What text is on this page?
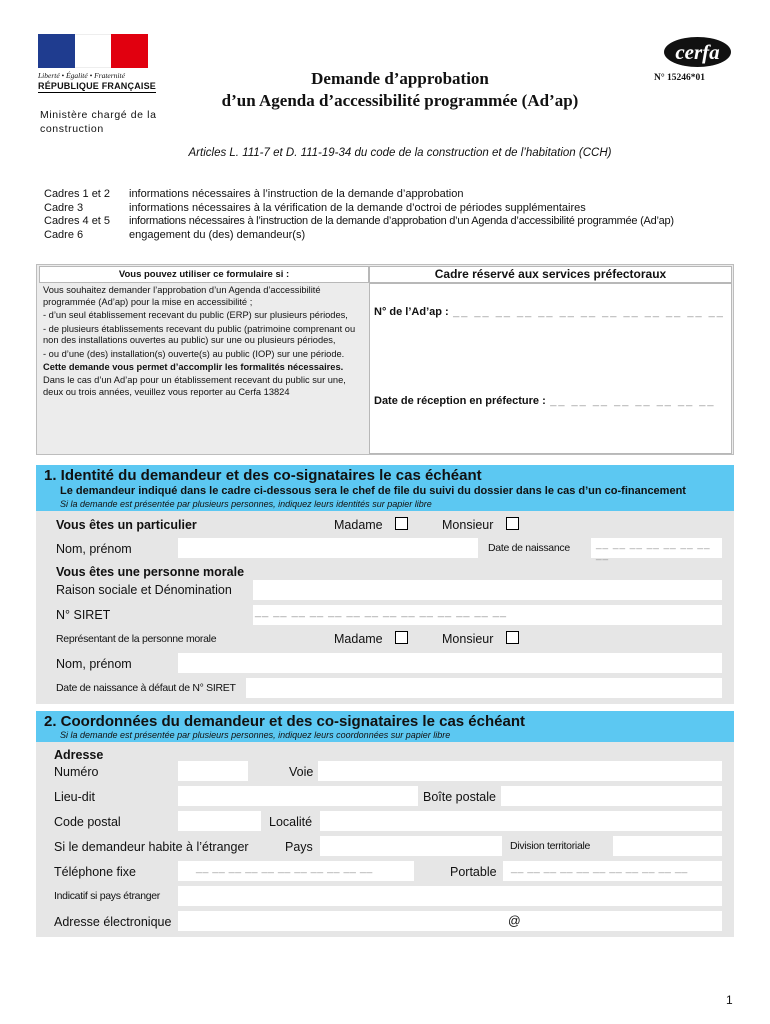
Liberté • Égalité • Fraternité
RÉPUBLIQUE FRANÇAISE
Ministère chargé de la construction
Demande d’approbation
d’un Agenda d’accessibilité programmée (Ad’ap)
cerfa
N° 15246*01
Articles L. 111-7 et D. 111-19-34 du code de la construction et de l’habitation (CCH)
Cadres 1 et 2	informations nécessaires à l’instruction de la demande d’approbation
Cadre 3	informations nécessaires à la vérification de la demande d’octroi de périodes supplémentaires
Cadres 4 et 5	informations nécessaires à l’instruction de la demande d’approbation d’un Agenda d’accessibilité programmée (Ad’ap)
Cadre 6	engagement du (des) demandeur(s)
Vous pouvez utiliser ce formulaire si :	Cadre réservé aux services préfectoraux

Vous souhaitez demander l’approbation d’un Agenda d’accessibilité programmée (Ad’ap) pour la mise en accessibilité ;

- d’un seul établissement recevant du public (ERP) sur plusieurs périodes,

- de plusieurs établissements recevant du public (patrimoine comprenant ou non des installations ouvertes au public) sur une ou plusieurs périodes,

- ou d’une (des) installation(s) ouverte(s) au public (IOP) sur une période.

Cette demande vous permet d’accomplir les formalités nécessaires.

Dans le cas d’un Ad’ap pour un établissement recevant du public sur une, deux ou trois années, veuillez vous reporter au Cerfa 13824

N° de l’Ad’ap : __ __ __ __ __ __ __ __ __ __ __ __ __
Date de réception en préfecture : __ __ __ __ __ __ __ __
1. Identité du demandeur et des co-signataires le cas échéant
Le demandeur indiqué dans le cadre ci-dessous sera le chef de file du suivi du dossier dans le cas d’un co-financement
Si la demande est présentée par plusieurs personnes, indiquez leurs identités sur papier libre
Vous êtes un particulier	Madame	Monsieur
Nom, prénom	Date de naissance	__ __ __ __ __ __ __ __
Vous êtes une personne morale
Raison sociale et Dénomination
N° SIRET	__ __ __ __ __ __ __ __ __ __ __ __ __ __
Représentant de la personne morale	Madame	Monsieur
Nom, prénom
Date de naissance à défaut de N° SIRET
2. Coordonnées du demandeur et des co-signataires le cas échéant
Si la demande est présentée par plusieurs personnes, indiquez leurs coordonnées sur papier libre
Adresse
Numéro	Voie
Lieu-dit	Boîte postale
Code postal	Localité
Si le demandeur habite à l’étranger	Pays	Division territoriale
Téléphone fixe	__ __ __ __ __ __ __ __ __ __ __	Portable __ __ __ __ __ __ __ __ __ __ __
Indicatif si pays étranger
Adresse électronique	@
1
